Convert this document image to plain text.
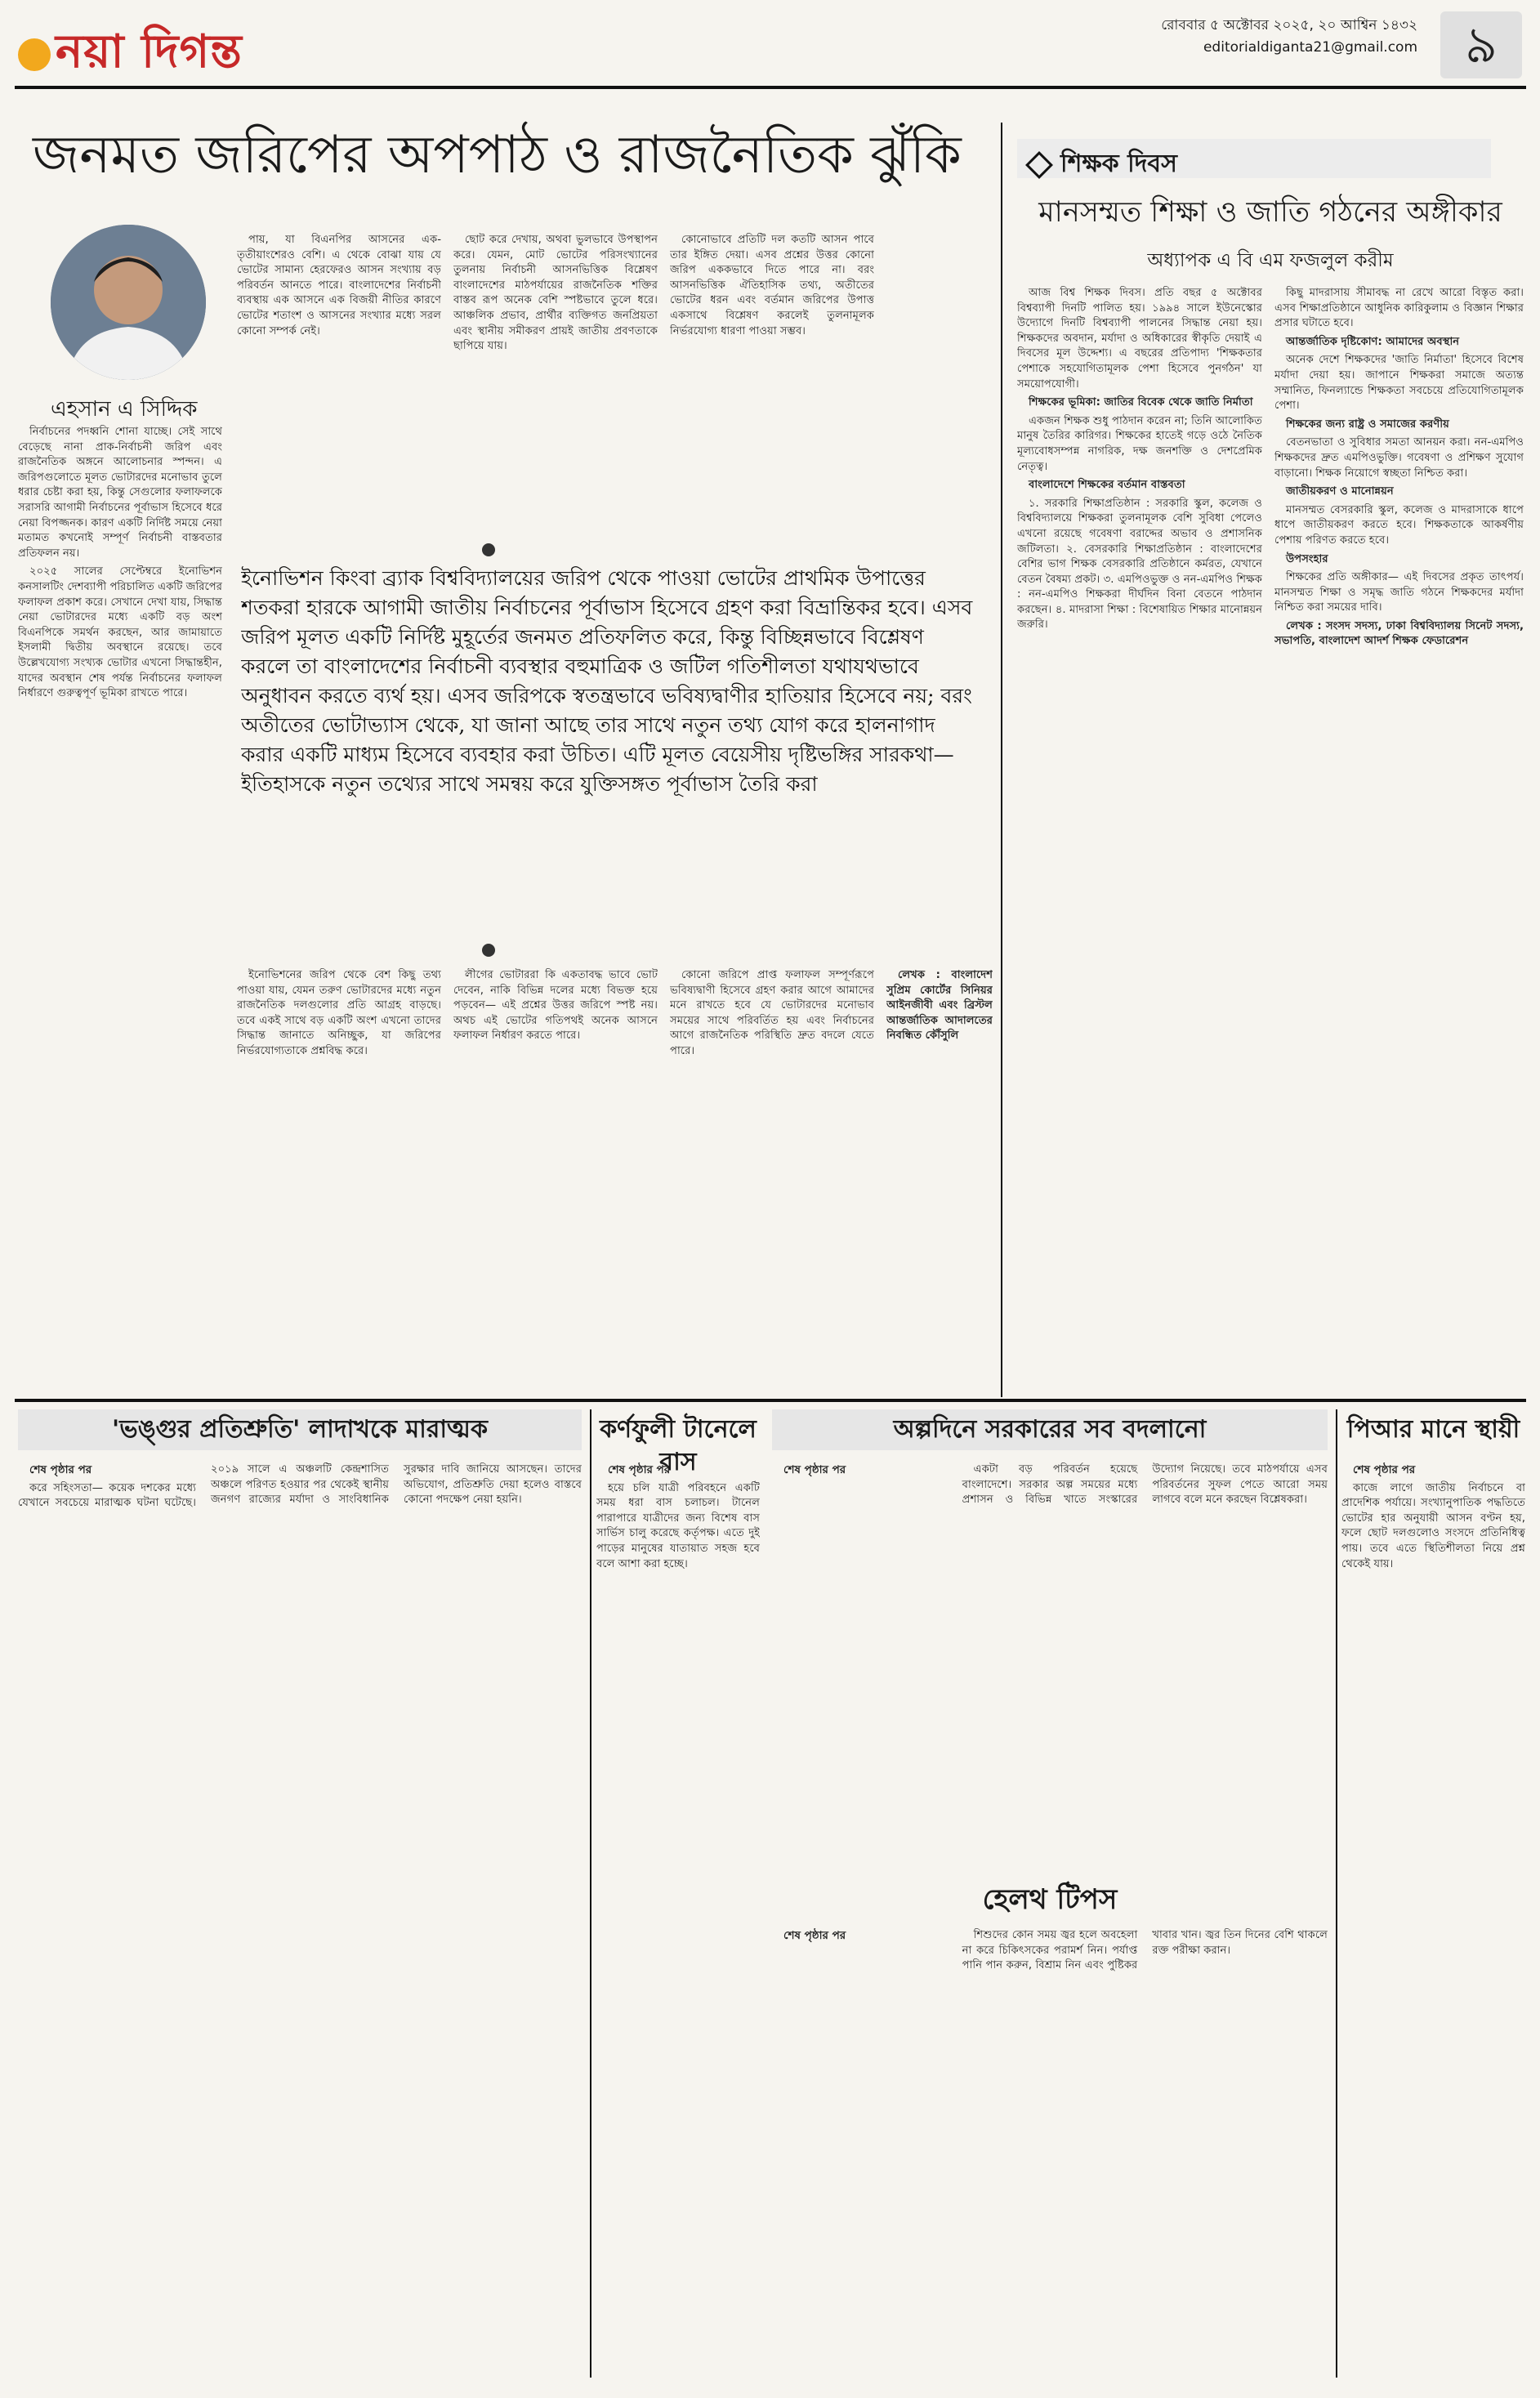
নয়া দিগন্ত	রোববার ৫ অক্টোবর ২০২৫, ২০ আশ্বিন ১৪৩২
editorialdiganta21@gmail.com ৯
জনমত জরিপের অপপাঠ ও রাজনৈতিক ঝুঁকি
এহসান এ সিদ্দিক

নির্বাচনের পদধ্বনি শোনা যাচ্ছে। সেই সাথে বেড়েছে নানা প্রাক-নির্বাচনী জরিপ এবং রাজনৈতিক অঙ্গনে আলোচনার স্পন্দন। এ জরিপগুলোতে মূলত ভোটারদের মনোভাব তুলে ধরার চেষ্টা করা হয়, কিন্তু সেগুলোর ফলাফলকে সরাসরি আগামী নির্বাচনের পূর্বাভাস হিসেবে ধরে নেয়া বিপজ্জনক। কারণ একটি নির্দিষ্ট সময়ে নেয়া মতামত কখনোই সম্পূর্ণ নির্বাচনী বাস্তবতার প্রতিফলন নয়।

২০২৫ সালের সেপ্টেম্বরে ইনোভিশন কনসালটিং দেশব্যাপী পরিচালিত একটি জরিপের ফলাফল প্রকাশ করে। সেখানে দেখা যায়, সিদ্ধান্ত নেয়া ভোটারদের মধ্যে একটি বড় অংশ বিএনপিকে সমর্থন করছেন, আর জামায়াতে ইসলামী দ্বিতীয় অবস্থানে রয়েছে। তবে উল্লেখযোগ্য সংখ্যক ভোটার এখনো সিদ্ধান্তহীন, যাদের অবস্থান শেষ পর্যন্ত নির্বাচনের ফলাফল নির্ধারণে গুরুত্বপূর্ণ ভূমিকা রাখতে পারে।

পায়, যা বিএনপির আসনের এক-তৃতীয়াংশেরও বেশি। এ থেকে বোঝা যায় যে ভোটের সামান্য হেরফেরও আসন সংখ্যায় বড় পরিবর্তন আনতে পারে। বাংলাদেশের নির্বাচনী ব্যবস্থায় এক আসনে এক বিজয়ী নীতির কারণে ভোটের শতাংশ ও আসনের সংখ্যার মধ্যে সরল কোনো সম্পর্ক নেই।

ছোট করে দেখায়, অথবা ভুলভাবে উপস্থাপন করে। যেমন, মোট ভোটের পরিসংখ্যানের তুলনায় নির্বাচনী আসনভিত্তিক বিশ্লেষণ বাংলাদেশের মাঠপর্যায়ের রাজনৈতিক শক্তির বাস্তব রূপ অনেক বেশি স্পষ্টভাবে তুলে ধরে। আঞ্চলিক প্রভাব, প্রার্থীর ব্যক্তিগত জনপ্রিয়তা এবং স্থানীয় সমীকরণ প্রায়ই জাতীয় প্রবণতাকে ছাপিয়ে যায়।

কোনোভাবে প্রতিটি দল কতটি আসন পাবে তার ইঙ্গিত দেয়া। এসব প্রশ্নের উত্তর কোনো জরিপ এককভাবে দিতে পারে না। বরং আসনভিত্তিক ঐতিহাসিক তথ্য, অতীতের ভোটের ধরন এবং বর্তমান জরিপের উপাত্ত একসাথে বিশ্লেষণ করলেই তুলনামূলক নির্ভরযোগ্য ধারণা পাওয়া সম্ভব।

ইনোভিশন কিংবা ব্র্যাক বিশ্ববিদ্যালয়ের জরিপ থেকে পাওয়া ভোটের প্রাথমিক উপাত্তের শতকরা হারকে আগামী জাতীয় নির্বাচনের পূর্বাভাস হিসেবে গ্রহণ করা বিভ্রান্তিকর হবে। এসব জরিপ মূলত একটি নির্দিষ্ট মুহূর্তের জনমত প্রতিফলিত করে, কিন্তু বিচ্ছিন্নভাবে বিশ্লেষণ করলে তা বাংলাদেশের নির্বাচনী ব্যবস্থার বহুমাত্রিক ও জটিল গতিশীলতা যথাযথভাবে অনুধাবন করতে ব্যর্থ হয়। এসব জরিপকে স্বতন্ত্রভাবে ভবিষ্যদ্বাণীর হাতিয়ার হিসেবে নয়; বরং অতীতের ভোটাভ্যাস থেকে, যা জানা আছে তার সাথে নতুন তথ্য যোগ করে হালনাগাদ করার একটি মাধ্যম হিসেবে ব্যবহার করা উচিত। এটি মূলত বেয়েসীয় দৃষ্টিভঙ্গির সারকথা— ইতিহাসকে নতুন তথ্যের সাথে সমন্বয় করে যুক্তিসঙ্গত পূর্বাভাস তৈরি করা

ইনোভিশনের জরিপ থেকে বেশ কিছু তথ্য পাওয়া যায়, যেমন তরুণ ভোটারদের মধ্যে নতুন রাজনৈতিক দলগুলোর প্রতি আগ্রহ বাড়ছে। তবে একই সাথে বড় একটি অংশ এখনো তাদের সিদ্ধান্ত জানাতে অনিচ্ছুক, যা জরিপের নির্ভরযোগ্যতাকে প্রশ্নবিদ্ধ করে।

লীগের ভোটাররা কি একতাবদ্ধ ভাবে ভোট দেবেন, নাকি বিভিন্ন দলের মধ্যে বিভক্ত হয়ে পড়বেন— এই প্রশ্নের উত্তর জরিপে স্পষ্ট নয়। অথচ এই ভোটের গতিপথই অনেক আসনে ফলাফল নির্ধারণ করতে পারে।

কোনো জরিপে প্রাপ্ত ফলাফল সম্পূর্ণরূপে ভবিষ্যদ্বাণী হিসেবে গ্রহণ করার আগে আমাদের মনে রাখতে হবে যে ভোটারদের মনোভাব সময়ের সাথে পরিবর্তিত হয় এবং নির্বাচনের আগে রাজনৈতিক পরিস্থিতি দ্রুত বদলে যেতে পারে।

লেখক : বাংলাদেশ সুপ্রিম কোর্টের সিনিয়র আইনজীবী এবং ব্রিস্টল আন্তর্জাতিক আদালতের নিবন্ধিত কৌঁসুলি

শিক্ষক দিবস
মানসম্মত শিক্ষা ও জাতি গঠনের অঙ্গীকার
অধ্যাপক এ বি এম ফজলুল করীম

আজ বিশ্ব শিক্ষক দিবস। প্রতি বছর ৫ অক্টোবর বিশ্বব্যাপী দিনটি পালিত হয়। ১৯৯৪ সালে ইউনেস্কোর উদ্যোগে দিনটি বিশ্বব্যাপী পালনের সিদ্ধান্ত নেয়া হয়। শিক্ষকদের অবদান, মর্যাদা ও অধিকারের স্বীকৃতি দেয়াই এ দিবসের মূল উদ্দেশ্য। এ বছরের প্রতিপাদ্য 'শিক্ষকতার পেশাকে সহযোগিতামূলক পেশা হিসেবে পুনর্গঠন' যা সময়োপযোগী।

শিক্ষকের ভূমিকা: জাতির বিবেক থেকে জাতি নির্মাতা

একজন শিক্ষক শুধু পাঠদান করেন না; তিনি আলোকিত মানুষ তৈরির কারিগর। শিক্ষকের হাতেই গড়ে ওঠে নৈতিক মূল্যবোধসম্পন্ন নাগরিক, দক্ষ জনশক্তি ও দেশপ্রেমিক নেতৃত্ব।

বাংলাদেশে শিক্ষকের বর্তমান বাস্তবতা

১. সরকারি শিক্ষাপ্রতিষ্ঠান : সরকারি স্কুল, কলেজ ও বিশ্ববিদ্যালয়ে শিক্ষকরা তুলনামূলক বেশি সুবিধা পেলেও এখনো রয়েছে গবেষণা বরাদ্দের অভাব ও প্রশাসনিক জটিলতা। ২. বেসরকারি শিক্ষাপ্রতিষ্ঠান : বাংলাদেশের বেশির ভাগ শিক্ষক বেসরকারি প্রতিষ্ঠানে কর্মরত, যেখানে বেতন বৈষম্য প্রকট। ৩. এমপিওভুক্ত ও নন-এমপিও শিক্ষক : নন-এমপিও শিক্ষকরা দীর্ঘদিন বিনা বেতনে পাঠদান করছেন। ৪. মাদরাসা শিক্ষা : বিশেষায়িত শিক্ষার মানোন্নয়ন জরুরি।

কিছু মাদরাসায় সীমাবদ্ধ না রেখে আরো বিস্তৃত করা। এসব শিক্ষাপ্রতিষ্ঠানে আধুনিক কারিকুলাম ও বিজ্ঞান শিক্ষার প্রসার ঘটাতে হবে।

আন্তর্জাতিক দৃষ্টিকোণ: আমাদের অবস্থান

অনেক দেশে শিক্ষকদের 'জাতি নির্মাতা' হিসেবে বিশেষ মর্যাদা দেয়া হয়। জাপানে শিক্ষকরা সমাজে অত্যন্ত সম্মানিত, ফিনল্যান্ডে শিক্ষকতা সবচেয়ে প্রতিযোগিতামূলক পেশা।

শিক্ষকের জন্য রাষ্ট্র ও সমাজের করণীয়

বেতনভাতা ও সুবিধার সমতা আনয়ন করা। নন-এমপিও শিক্ষকদের দ্রুত এমপিওভুক্তি। গবেষণা ও প্রশিক্ষণ সুযোগ বাড়ানো। শিক্ষক নিয়োগে স্বচ্ছতা নিশ্চিত করা।

জাতীয়করণ ও মানোন্নয়ন

মানসম্মত বেসরকারি স্কুল, কলেজ ও মাদরাসাকে ধাপে ধাপে জাতীয়করণ করতে হবে। শিক্ষকতাকে আকর্ষণীয় পেশায় পরিণত করতে হবে।

উপসংহার

শিক্ষকের প্রতি অঙ্গীকার— এই দিবসের প্রকৃত তাৎপর্য। মানসম্মত শিক্ষা ও সমৃদ্ধ জাতি গঠনে শিক্ষকদের মর্যাদা নিশ্চিত করা সময়ের দাবি।

লেখক : সংসদ সদস্য, ঢাকা বিশ্ববিদ্যালয় সিনেট সদস্য, সভাপতি, বাংলাদেশ আদর্শ শিক্ষক ফেডারেশন

'ভঙ্গুর প্রতিশ্রুতি' লাদাখকে মারাত্মক

শেষ পৃষ্ঠার পর

করে সহিংসতা— কয়েক দশকের মধ্যে যেখানে সবচেয়ে মারাত্মক ঘটনা ঘটেছে। ২০১৯ সালে এ অঞ্চলটি কেন্দ্রশাসিত অঞ্চলে পরিণত হওয়ার পর থেকেই স্থানীয় জনগণ রাজ্যের মর্যাদা ও সাংবিধানিক সুরক্ষার দাবি জানিয়ে আসছেন। তাদের অভিযোগ, প্রতিশ্রুতি দেয়া হলেও বাস্তবে কোনো পদক্ষেপ নেয়া হয়নি।

কর্ণফুলী টানেলে বাস

শেষ পৃষ্ঠার পর

হয়ে চলি যাত্রী পরিবহনে একটি সময় ধরা বাস চলাচল। টানেল পারাপারে যাত্রীদের জন্য বিশেষ বাস সার্ভিস চালু করেছে কর্তৃপক্ষ। এতে দুই পাড়ের মানুষের যাতায়াত সহজ হবে বলে আশা করা হচ্ছে।

অল্পদিনে সরকারের সব বদলানো

শেষ পৃষ্ঠার পর	একটা বড় পরিবর্তন হয়েছে বাংলাদেশে। সরকার অল্প সময়ের মধ্যে প্রশাসন ও বিভিন্ন খাতে সংস্কারের উদ্যোগ নিয়েছে। তবে মাঠপর্যায়ে এসব পরিবর্তনের সুফল পেতে আরো সময় লাগবে বলে মনে করছেন বিশ্লেষকরা।

হেলথ টিপস

শেষ পৃষ্ঠার পর	শিশুদের কোন সময় জ্বর হলে অবহেলা না করে চিকিৎসকের পরামর্শ নিন। পর্যাপ্ত পানি পান করুন, বিশ্রাম নিন এবং পুষ্টিকর খাবার খান। জ্বর তিন দিনের বেশি থাকলে রক্ত পরীক্ষা করান।

পিআর মানে স্থায়ী

শেষ পৃষ্ঠার পর

কাজে লাগে জাতীয় নির্বাচনে বা প্রাদেশিক পর্যায়ে। সংখ্যানুপাতিক পদ্ধতিতে ভোটের হার অনুযায়ী আসন বণ্টন হয়, ফলে ছোট দলগুলোও সংসদে প্রতিনিধিত্ব পায়। তবে এতে স্থিতিশীলতা নিয়ে প্রশ্ন থেকেই যায়।
